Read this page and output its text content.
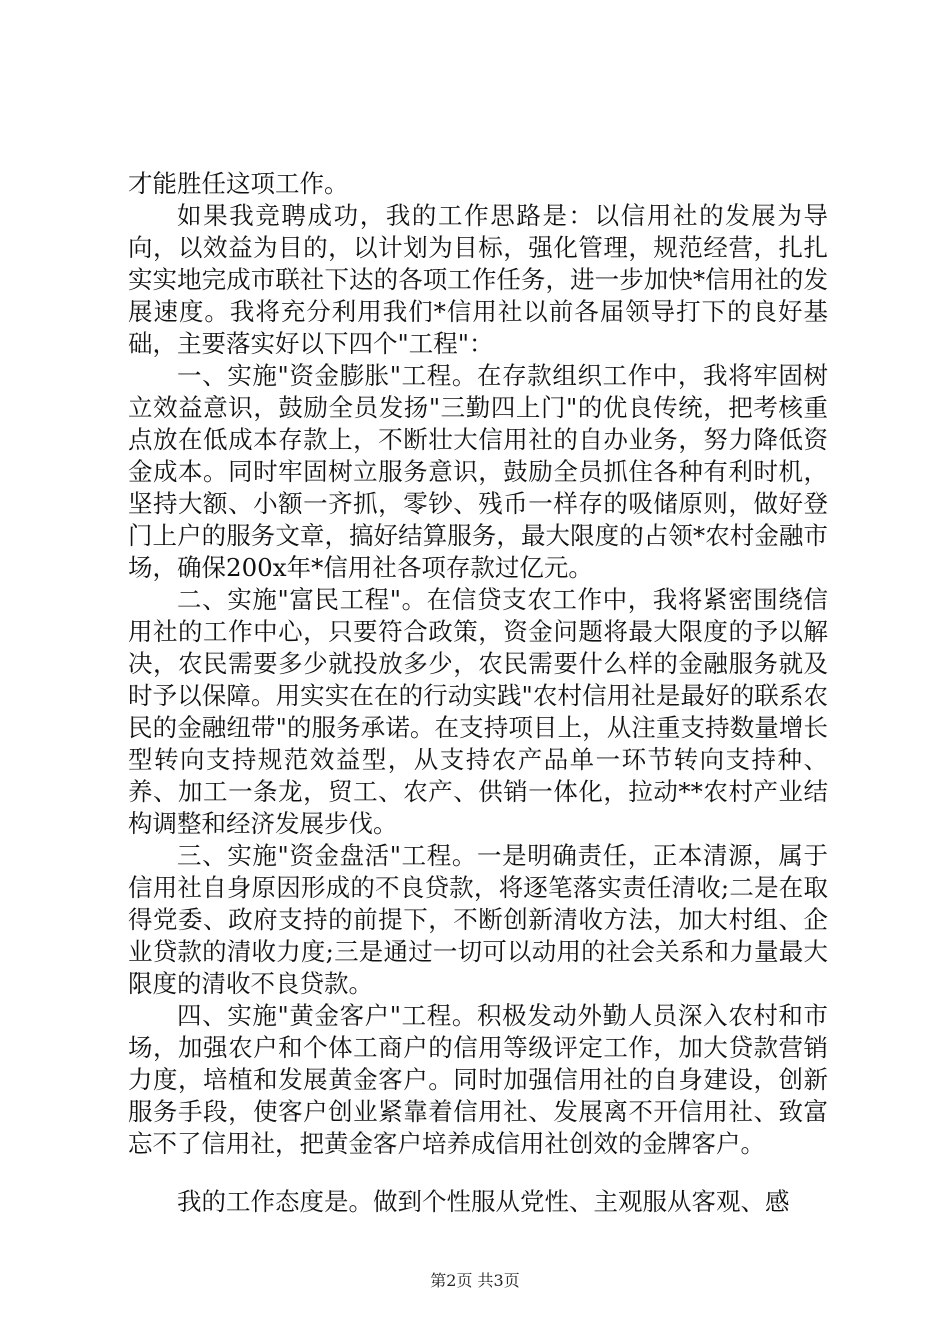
才能胜任这项工作。

如果我竞聘成功，我的工作思路是：以信用社的发展为导向，以效益为目的，以计划为目标，强化管理，规范经营，扎扎实实地完成市联社下达的各项工作任务，进一步加快*信用社的发展速度。我将充分利用我们*信用社以前各届领导打下的良好基础，主要落实好以下四个"工程"：

一、实施"资金膨胀"工程。在存款组织工作中，我将牢固树立效益意识，鼓励全员发扬"三勤四上门"的优良传统，把考核重点放在低成本存款上，不断壮大信用社的自办业务，努力降低资金成本。同时牢固树立服务意识，鼓励全员抓住各种有利时机，坚持大额、小额一齐抓，零钞、残币一样存的吸储原则，做好登门上户的服务文章，搞好结算服务，最大限度的占领*农村金融市场，确保200x年*信用社各项存款过亿元。

二、实施"富民工程"。在信贷支农工作中，我将紧密围绕信用社的工作中心，只要符合政策，资金问题将最大限度的予以解决，农民需要多少就投放多少，农民需要什么样的金融服务就及时予以保障。用实实在在的行动实践"农村信用社是最好的联系农民的金融纽带"的服务承诺。在支持项目上，从注重支持数量增长型转向支持规范效益型，从支持农产品单一环节转向支持种、养、加工一条龙，贸工、农产、供销一体化，拉动**农村产业结构调整和经济发展步伐。

三、实施"资金盘活"工程。一是明确责任，正本清源，属于信用社自身原因形成的不良贷款，将逐笔落实责任清收;二是在取得党委、政府支持的前提下，不断创新清收方法，加大村组、企业贷款的清收力度;三是通过一切可以动用的社会关系和力量最大限度的清收不良贷款。

四、实施"黄金客户"工程。积极发动外勤人员深入农村和市场，加强农户和个体工商户的信用等级评定工作，加大贷款营销力度，培植和发展黄金客户。同时加强信用社的自身建设，创新服务手段，使客户创业紧靠着信用社、发展离不开信用社、致富忘不了信用社，把黄金客户培养成信用社创效的金牌客户。

我的工作态度是。做到个性服从党性、主观服从客观、感

第2页 共3页
